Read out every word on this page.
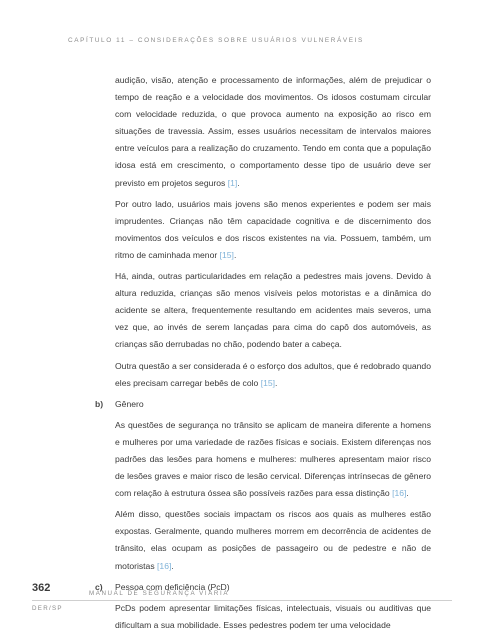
CAPÍTULO 11 – CONSIDERAÇÕES SOBRE USUÁRIOS VULNERÁVEIS

audição, visão, atenção e processamento de informações, além de prejudicar o tempo de reação e a velocidade dos movimentos. Os idosos costumam circular com velocidade reduzida, o que provoca aumento na exposição ao risco em situações de travessia. Assim, esses usuários necessitam de intervalos maiores entre veículos para a realização do cruzamento. Tendo em conta que a população idosa está em crescimento, o comportamento desse tipo de usuário deve ser previsto em projetos seguros [1].

Por outro lado, usuários mais jovens são menos experientes e podem ser mais imprudentes. Crianças não têm capacidade cognitiva e de discernimento dos movimentos dos veículos e dos riscos existentes na via. Possuem, também, um ritmo de caminhada menor [15].

Há, ainda, outras particularidades em relação a pedestres mais jovens. Devido à altura reduzida, crianças são menos visíveis pelos motoristas e a dinâmica do acidente se altera, frequentemente resultando em acidentes mais severos, uma vez que, ao invés de serem lançadas para cima do capô dos automóveis, as crianças são derrubadas no chão, podendo bater a cabeça.

Outra questão a ser considerada é o esforço dos adultos, que é redobrado quando eles precisam carregar bebês de colo [15].

b) Gênero

As questões de segurança no trânsito se aplicam de maneira diferente a homens e mulheres por uma variedade de razões físicas e sociais. Existem diferenças nos padrões das lesões para homens e mulheres: mulheres apresentam maior risco de lesões graves e maior risco de lesão cervical. Diferenças intrínsecas de gênero com relação à estrutura óssea são possíveis razões para essa distinção [16].

Além disso, questões sociais impactam os riscos aos quais as mulheres estão expostas. Geralmente, quando mulheres morrem em decorrência de acidentes de trânsito, elas ocupam as posições de passageiro ou de pedestre e não de motoristas [16].

c) Pessoa com deficiência (PcD)

PcDs podem apresentar limitações físicas, intelectuais, visuais ou auditivas que dificultam a sua mobilidade. Esses pedestres podem ter uma velocidade

362	MANUAL DE SEGURANÇA VIÁRIA
DER/SP
